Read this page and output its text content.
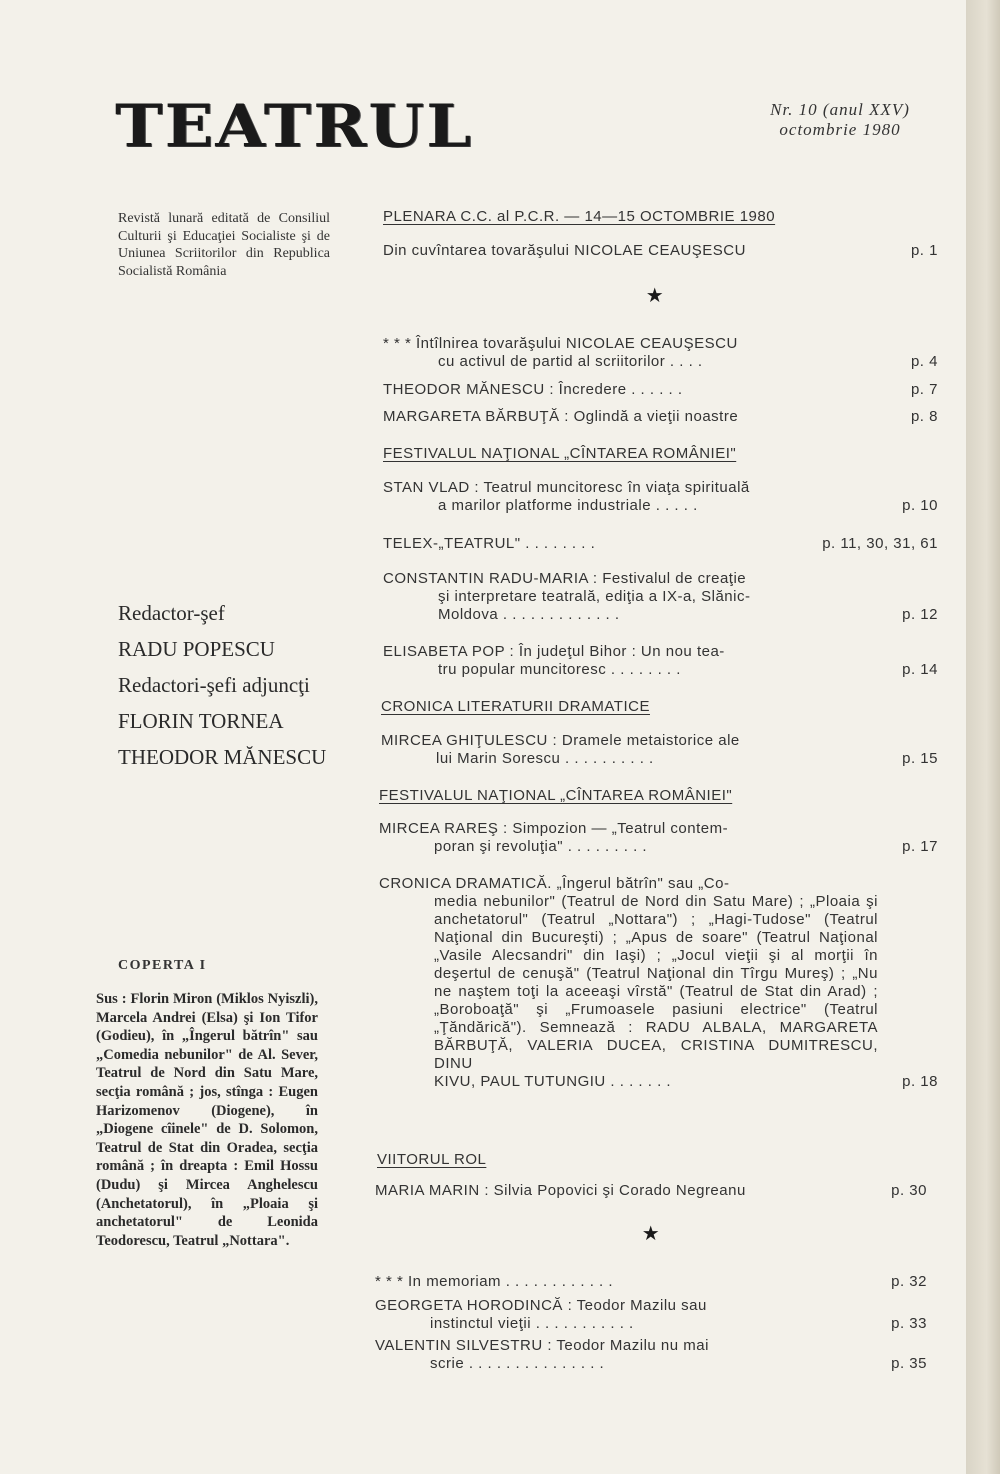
TEATRUL	Nr. 10 (anul XXV)
octombrie 1980
Revistă lunară editată de Consiliul Culturii şi Educaţiei Socialiste şi de Uniunea Scriitorilor din Republica Socialistă România
Redactor-şef
RADU POPESCU
Redactori-şefi adjuncţi
FLORIN TORNEA
THEODOR MĂNESCU
COPERTA I
Sus : Florin Miron (Miklos Nyiszli), Marcela Andrei (Elsa) şi Ion Tifor (Godieu), în „Îngerul bătrîn" sau „Comedia nebunilor" de Al. Sever, Teatrul de Nord din Satu Mare, secţia română ; jos, stînga : Eugen Harizomenov (Diogene), în „Diogene cîinele" de D. Solomon, Teatrul de Stat din Oradea, secţia română ; în dreapta : Emil Hossu (Dudu) şi Mircea Anghelescu (Anchetatorul), în „Ploaia şi anchetatorul" de Leonida Teodorescu, Teatrul „Nottara".
PLENARA C.C. al P.C.R. — 14—15 OCTOMBRIE 1980
Din cuvîntarea tovarăşului NICOLAE CEAUŞESCU	p. 1
★
* * * Întîlnirea tovarăşului NICOLAE CEAUŞESCU
cu activul de partid al scriitorilor . . . .	p. 4
THEODOR MĂNESCU : Încredere . . . . . .	p. 7
MARGARETA BĂRBUŢĂ : Oglindă a vieţii noastre	p. 8
FESTIVALUL NAŢIONAL „CÎNTAREA ROMÂNIEI"
STAN VLAD : Teatrul muncitoresc în viaţa spirituală
a marilor platforme industriale . . . . .	p. 10
TELEX-„TEATRUL" . . . . . . . .	p. 11, 30, 31, 61
CONSTANTIN RADU-MARIA : Festivalul de creaţie
şi interpretare teatrală, ediţia a IX-a, Slănic-
Moldova . . . . . . . . . . . . .	p. 12
ELISABETA POP : În judeţul Bihor : Un nou tea-
tru popular muncitoresc . . . . . . . .	p. 14
CRONICA LITERATURII DRAMATICE
MIRCEA GHIŢULESCU : Dramele metaistorice ale
lui Marin Sorescu . . . . . . . . . .	p. 15
FESTIVALUL NAŢIONAL „CÎNTAREA ROMÂNIEI"
MIRCEA RAREŞ : Simpozion — „Teatrul contem-
poran şi revoluţia" . . . . . . . . .	p. 17
CRONICA DRAMATICĂ. „Îngerul bătrîn" sau „Co-
media nebunilor" (Teatrul de Nord din Satu Mare) ; „Ploaia şi anchetatorul" (Teatrul „Nottara") ; „Hagi-Tudose" (Teatrul Naţional din Bucureşti) ; „Apus de soare" (Teatrul Naţional „Vasile Alecsandri" din Iaşi) ; „Jocul vieţii şi al morţii în deşertul de cenuşă" (Teatrul Naţional din Tîrgu Mureş) ; „Nu ne naştem toţi la aceeaşi vîrstă" (Teatrul de Stat din Arad) ; „Boroboaţă" şi „Frumoasele pasiuni electrice" (Teatrul „Ţăndărică"). Semnează : RADU ALBALA, MARGARETA BĂRBUŢĂ, VALERIA DUCEA, CRISTINA DUMITRESCU, DINU
KIVU, PAUL TUTUNGIU . . . . . . .	p. 18
VIITORUL ROL
MARIA MARIN : Silvia Popovici şi Corado Negreanu	p. 30
★
* * * In memoriam . . . . . . . . . . . .	p. 32
GEORGETA HORODINCĂ : Teodor Mazilu sau
instinctul vieţii . . . . . . . . . . .	p. 33
VALENTIN SILVESTRU : Teodor Mazilu nu mai
scrie . . . . . . . . . . . . . . .	p. 35
